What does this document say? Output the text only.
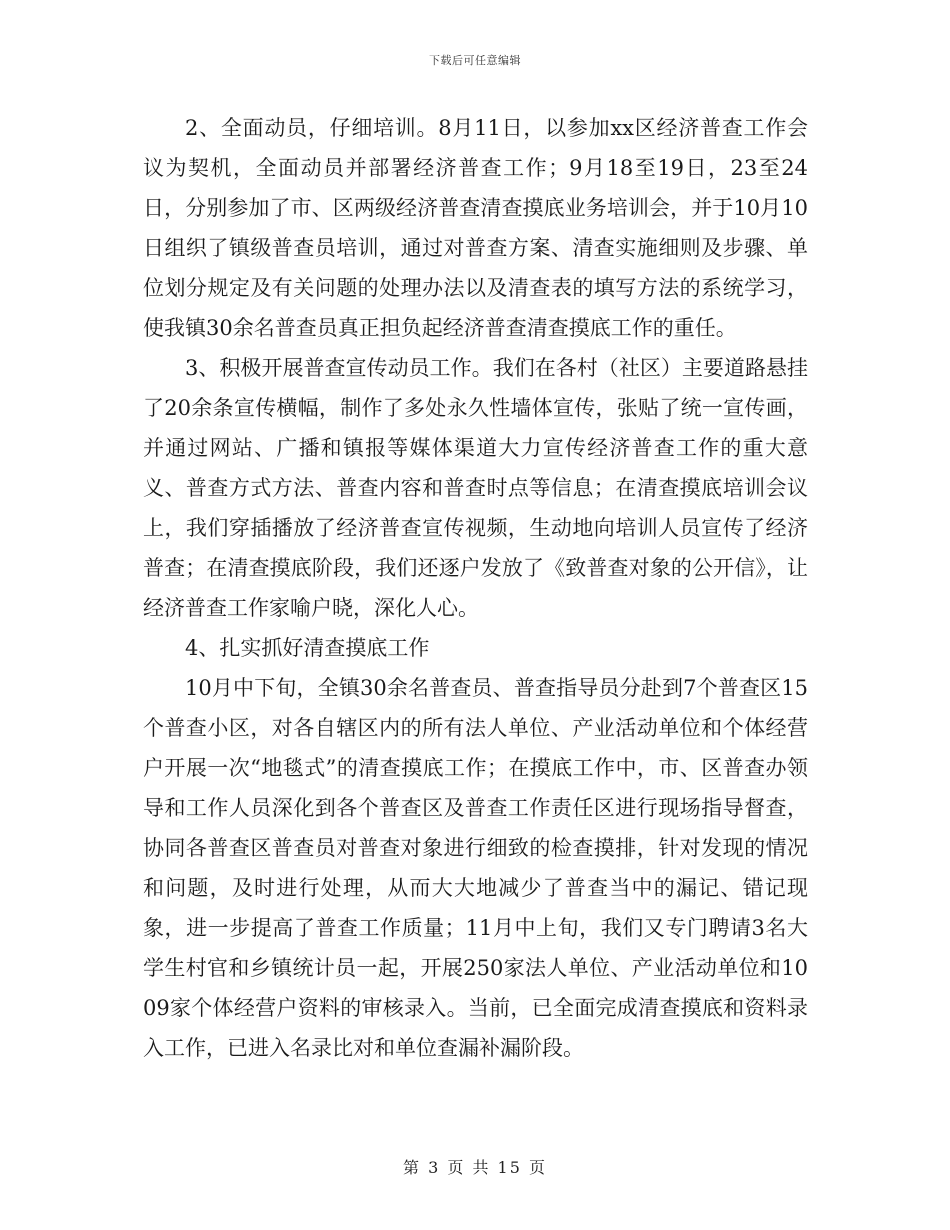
下载后可任意编辑

2、全面动员，仔细培训。8月11日，以参加xx区经济普查工作会议为契机，全面动员并部署经济普查工作；9月18至19日，23至24日，分别参加了市、区两级经济普查清查摸底业务培训会，并于10月10日组织了镇级普查员培训，通过对普查方案、清查实施细则及步骤、单位划分规定及有关问题的处理办法以及清查表的填写方法的系统学习，使我镇30余名普查员真正担负起经济普查清查摸底工作的重任。

3、积极开展普查宣传动员工作。我们在各村（社区）主要道路悬挂了20余条宣传横幅，制作了多处永久性墙体宣传，张贴了统一宣传画，并通过网站、广播和镇报等媒体渠道大力宣传经济普查工作的重大意义、普查方式方法、普查内容和普查时点等信息；在清查摸底培训会议上，我们穿插播放了经济普查宣传视频，生动地向培训人员宣传了经济普查；在清查摸底阶段，我们还逐户发放了《致普查对象的公开信》，让经济普查工作家喻户晓，深化人心。

4、扎实抓好清查摸底工作

10月中下旬，全镇30余名普查员、普查指导员分赴到7个普查区15个普查小区，对各自辖区内的所有法人单位、产业活动单位和个体经营户开展一次“地毯式”的清查摸底工作；在摸底工作中，市、区普查办领导和工作人员深化到各个普查区及普查工作责任区进行现场指导督查，协同各普查区普查员对普查对象进行细致的检查摸排，针对发现的情况和问题，及时进行处理，从而大大地减少了普查当中的漏记、错记现象，进一步提高了普查工作质量；11月中上旬，我们又专门聘请3名大学生村官和乡镇统计员一起，开展250家法人单位、产业活动单位和1009家个体经营户资料的审核录入。当前，已全面完成清查摸底和资料录入工作，已进入名录比对和单位查漏补漏阶段。

第 3 页 共 15 页
